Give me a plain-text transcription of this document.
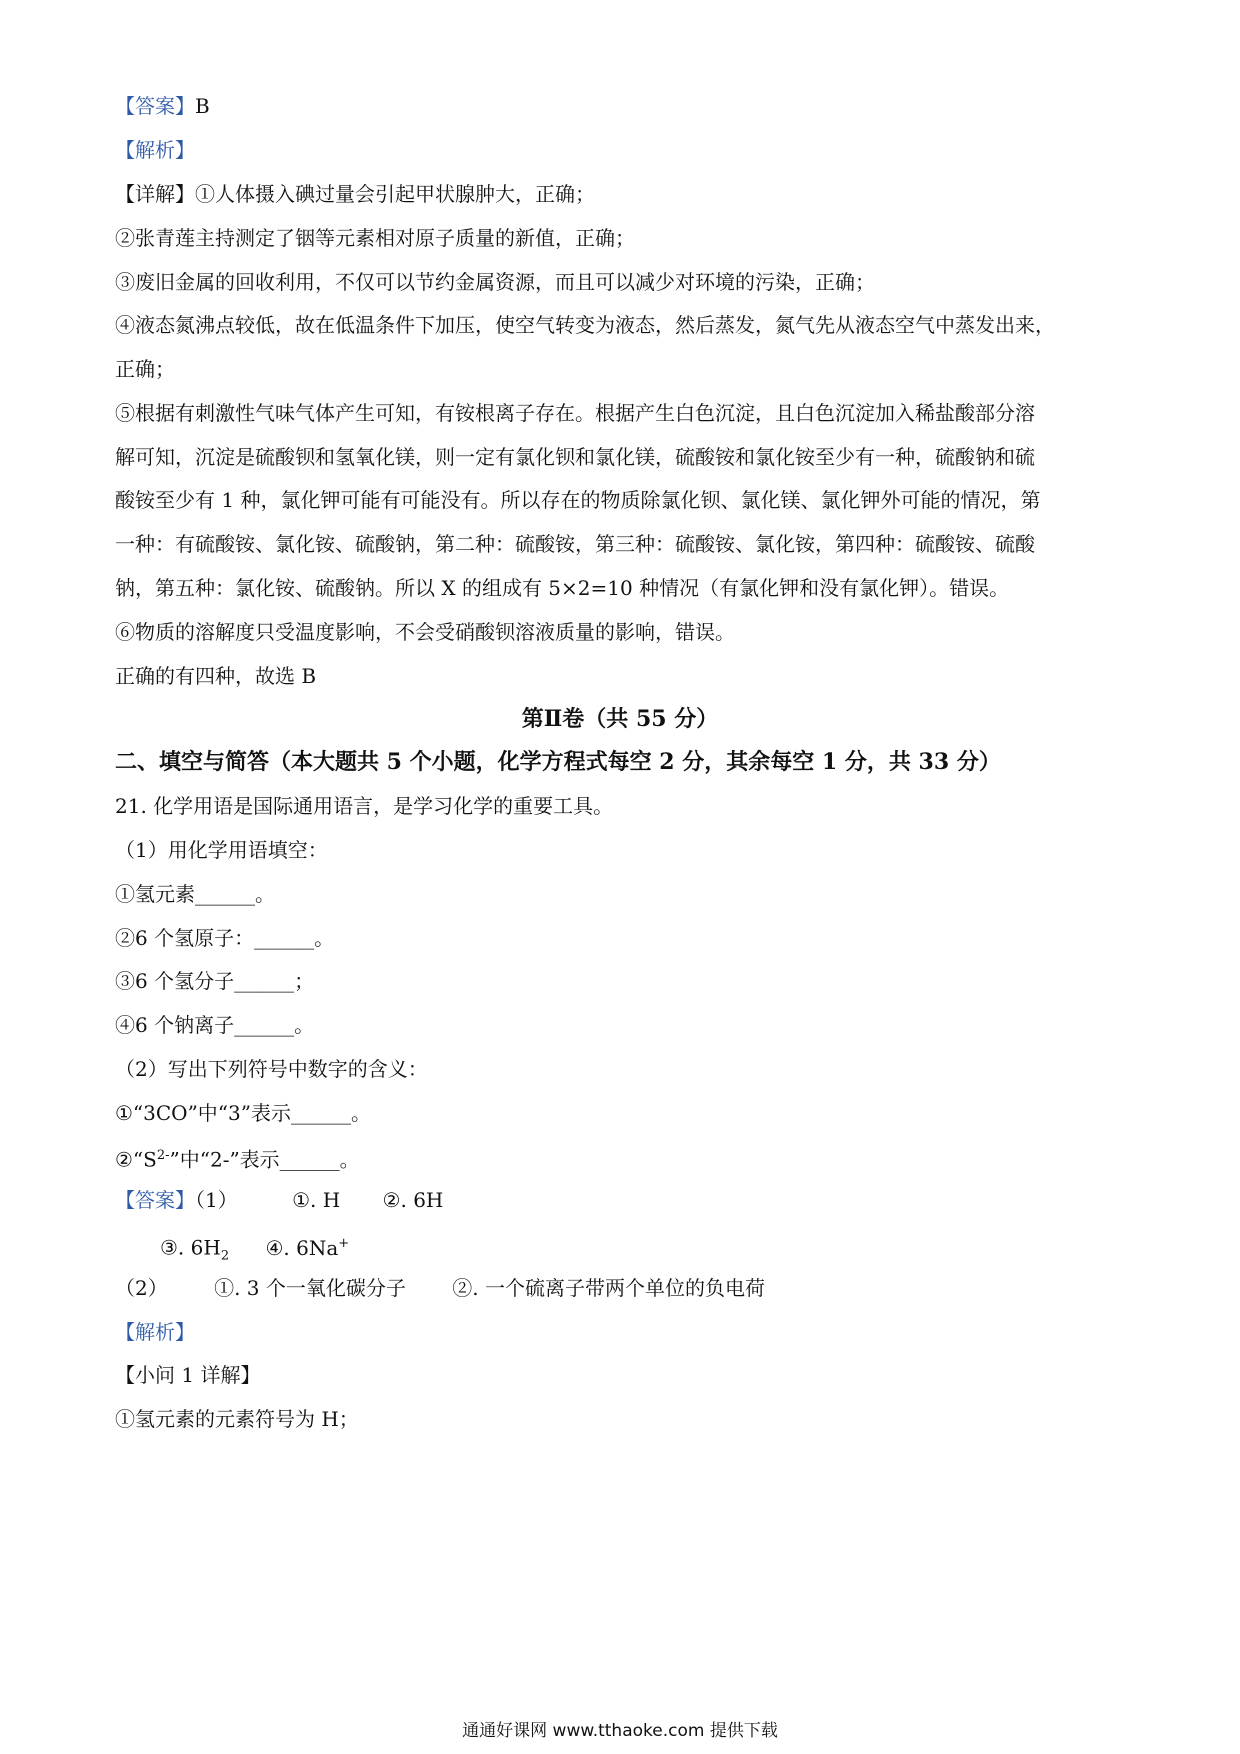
【答案】B
【解析】
【详解】①人体摄入碘过量会引起甲状腺肿大，正确；
②张青莲主持测定了铟等元素相对原子质量的新值，正确；
③废旧金属的回收利用，不仅可以节约金属资源，而且可以减少对环境的污染，正确；
④液态氮沸点较低，故在低温条件下加压，使空气转变为液态，然后蒸发，氮气先从液态空气中蒸发出来，
正确；
⑤根据有刺激性气味气体产生可知，有铵根离子存在。根据产生白色沉淀，且白色沉淀加入稀盐酸部分溶
解可知，沉淀是硫酸钡和氢氧化镁，则一定有氯化钡和氯化镁，硫酸铵和氯化铵至少有一种，硫酸钠和硫
酸铵至少有 1 种，氯化钾可能有可能没有。所以存在的物质除氯化钡、氯化镁、氯化钾外可能的情况，第
一种：有硫酸铵、氯化铵、硫酸钠，第二种：硫酸铵，第三种：硫酸铵、氯化铵，第四种：硫酸铵、硫酸
钠，第五种：氯化铵、硫酸钠。所以 X 的组成有 5×2=10 种情况（有氯化钾和没有氯化钾）。错误。
⑥物质的溶解度只受温度影响，不会受硝酸钡溶液质量的影响，错误。
正确的有四种，故选 B
第Ⅱ卷（共 55 分）
二、填空与简答（本大题共 5 个小题，化学方程式每空 2 分，其余每空 1 分，共 33 分）
21. 化学用语是国际通用语言，是学习化学的重要工具。
（1）用化学用语填空：
①氢元素______。
②6 个氢原子：______。
③6 个氢分子______；
④6 个钠离子______。
（2）写出下列符号中数字的含义：
①“3CO”中“3”表示______。
$②“S^{2-}$”中“2-”表示______。
【答案】（1）	①. H ②. 6H
③. $6H_2$ ④. 6Na+
（2） ①. 3 个一氧化碳分子 ②. 一个硫离子带两个单位的负电荷
【解析】
【小问 1 详解】
①氢元素的元素符号为 H；
通通好课网 www.tthaoke.com 提供下载
